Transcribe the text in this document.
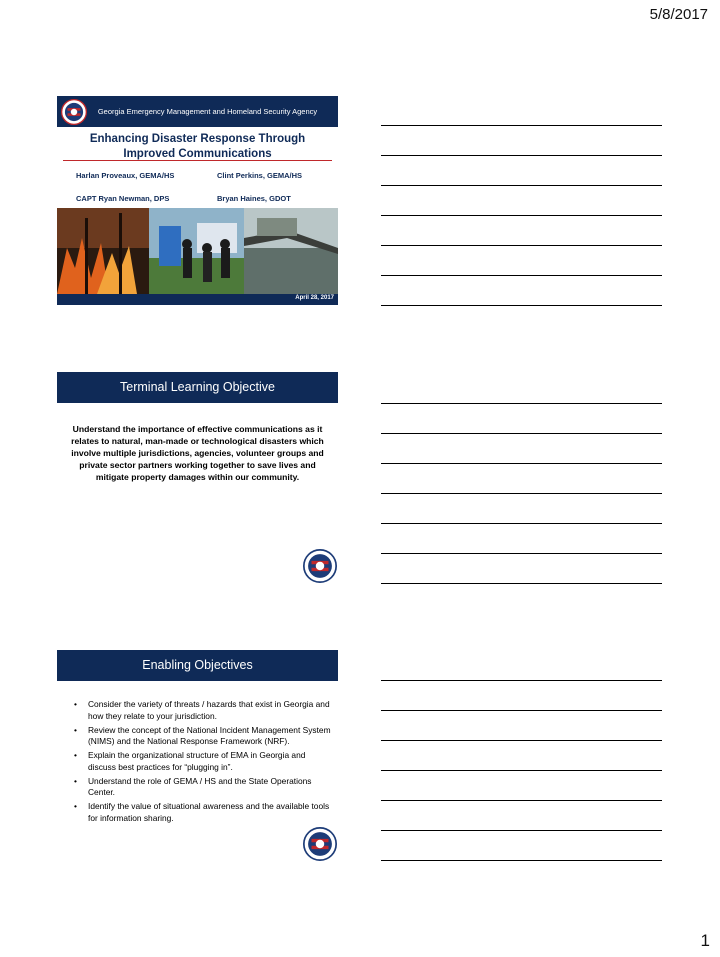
5/8/2017
Georgia Emergency Management and Homeland Security Agency
Enhancing Disaster Response Through
Improved Communications
Harlan Proveaux, GEMA/HS	Clint Perkins, GEMA/HS
CAPT Ryan Newman, DPS	Bryan Haines, GDOT
April 28, 2017
Terminal Learning Objective
Understand the importance of effective communications as it relates to natural, man-made or technological disasters which involve multiple jurisdictions, agencies, volunteer groups and private sector partners working together to save lives and mitigate property damages within our community.
Enabling Objectives
• Consider the variety of threats / hazards that exist in Georgia and how they relate to your jurisdiction.
• Review the concept of the National Incident Management System (NIMS) and the National Response Framework (NRF).
• Explain the organizational structure of EMA in Georgia and discuss best practices for “plugging in”.
• Understand the role of GEMA / HS and the State Operations Center.
• Identify the value of situational awareness and the available tools for information sharing.
1
